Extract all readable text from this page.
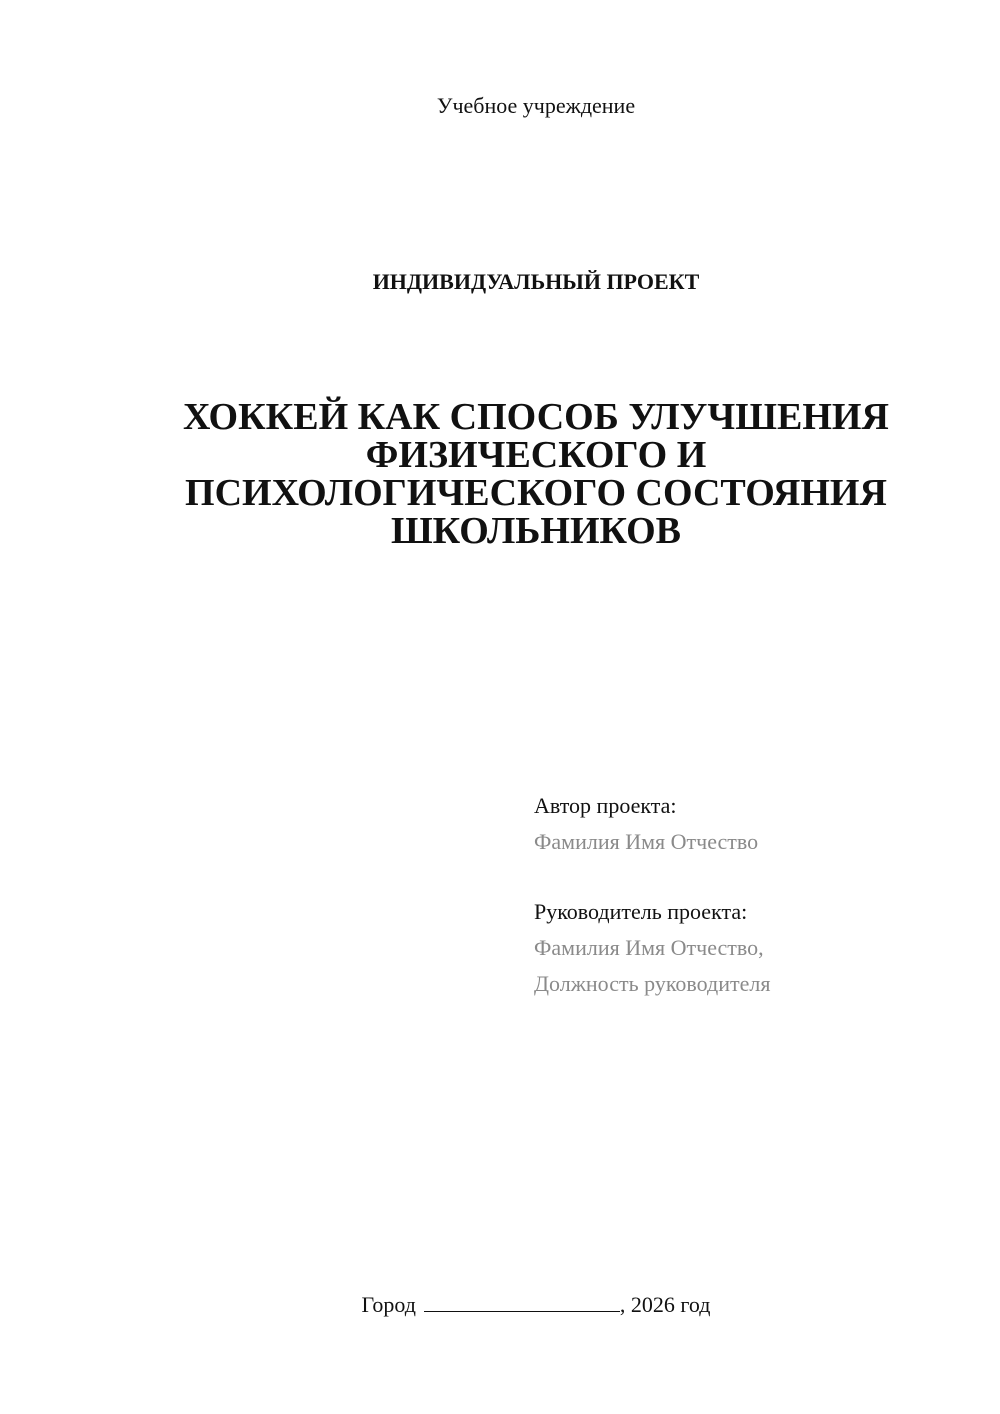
Учебное учреждение
ИНДИВИДУАЛЬНЫЙ ПРОЕКТ
ХОККЕЙ КАК СПОСОБ УЛУЧШЕНИЯ
ФИЗИЧЕСКОГО И
ПСИХОЛОГИЧЕСКОГО СОСТОЯНИЯ
ШКОЛЬНИКОВ
Автор проекта:
Фамилия Имя Отчество
Руководитель проекта:
Фамилия Имя Отчество,
Должность руководителя
Город	, 2026 год
